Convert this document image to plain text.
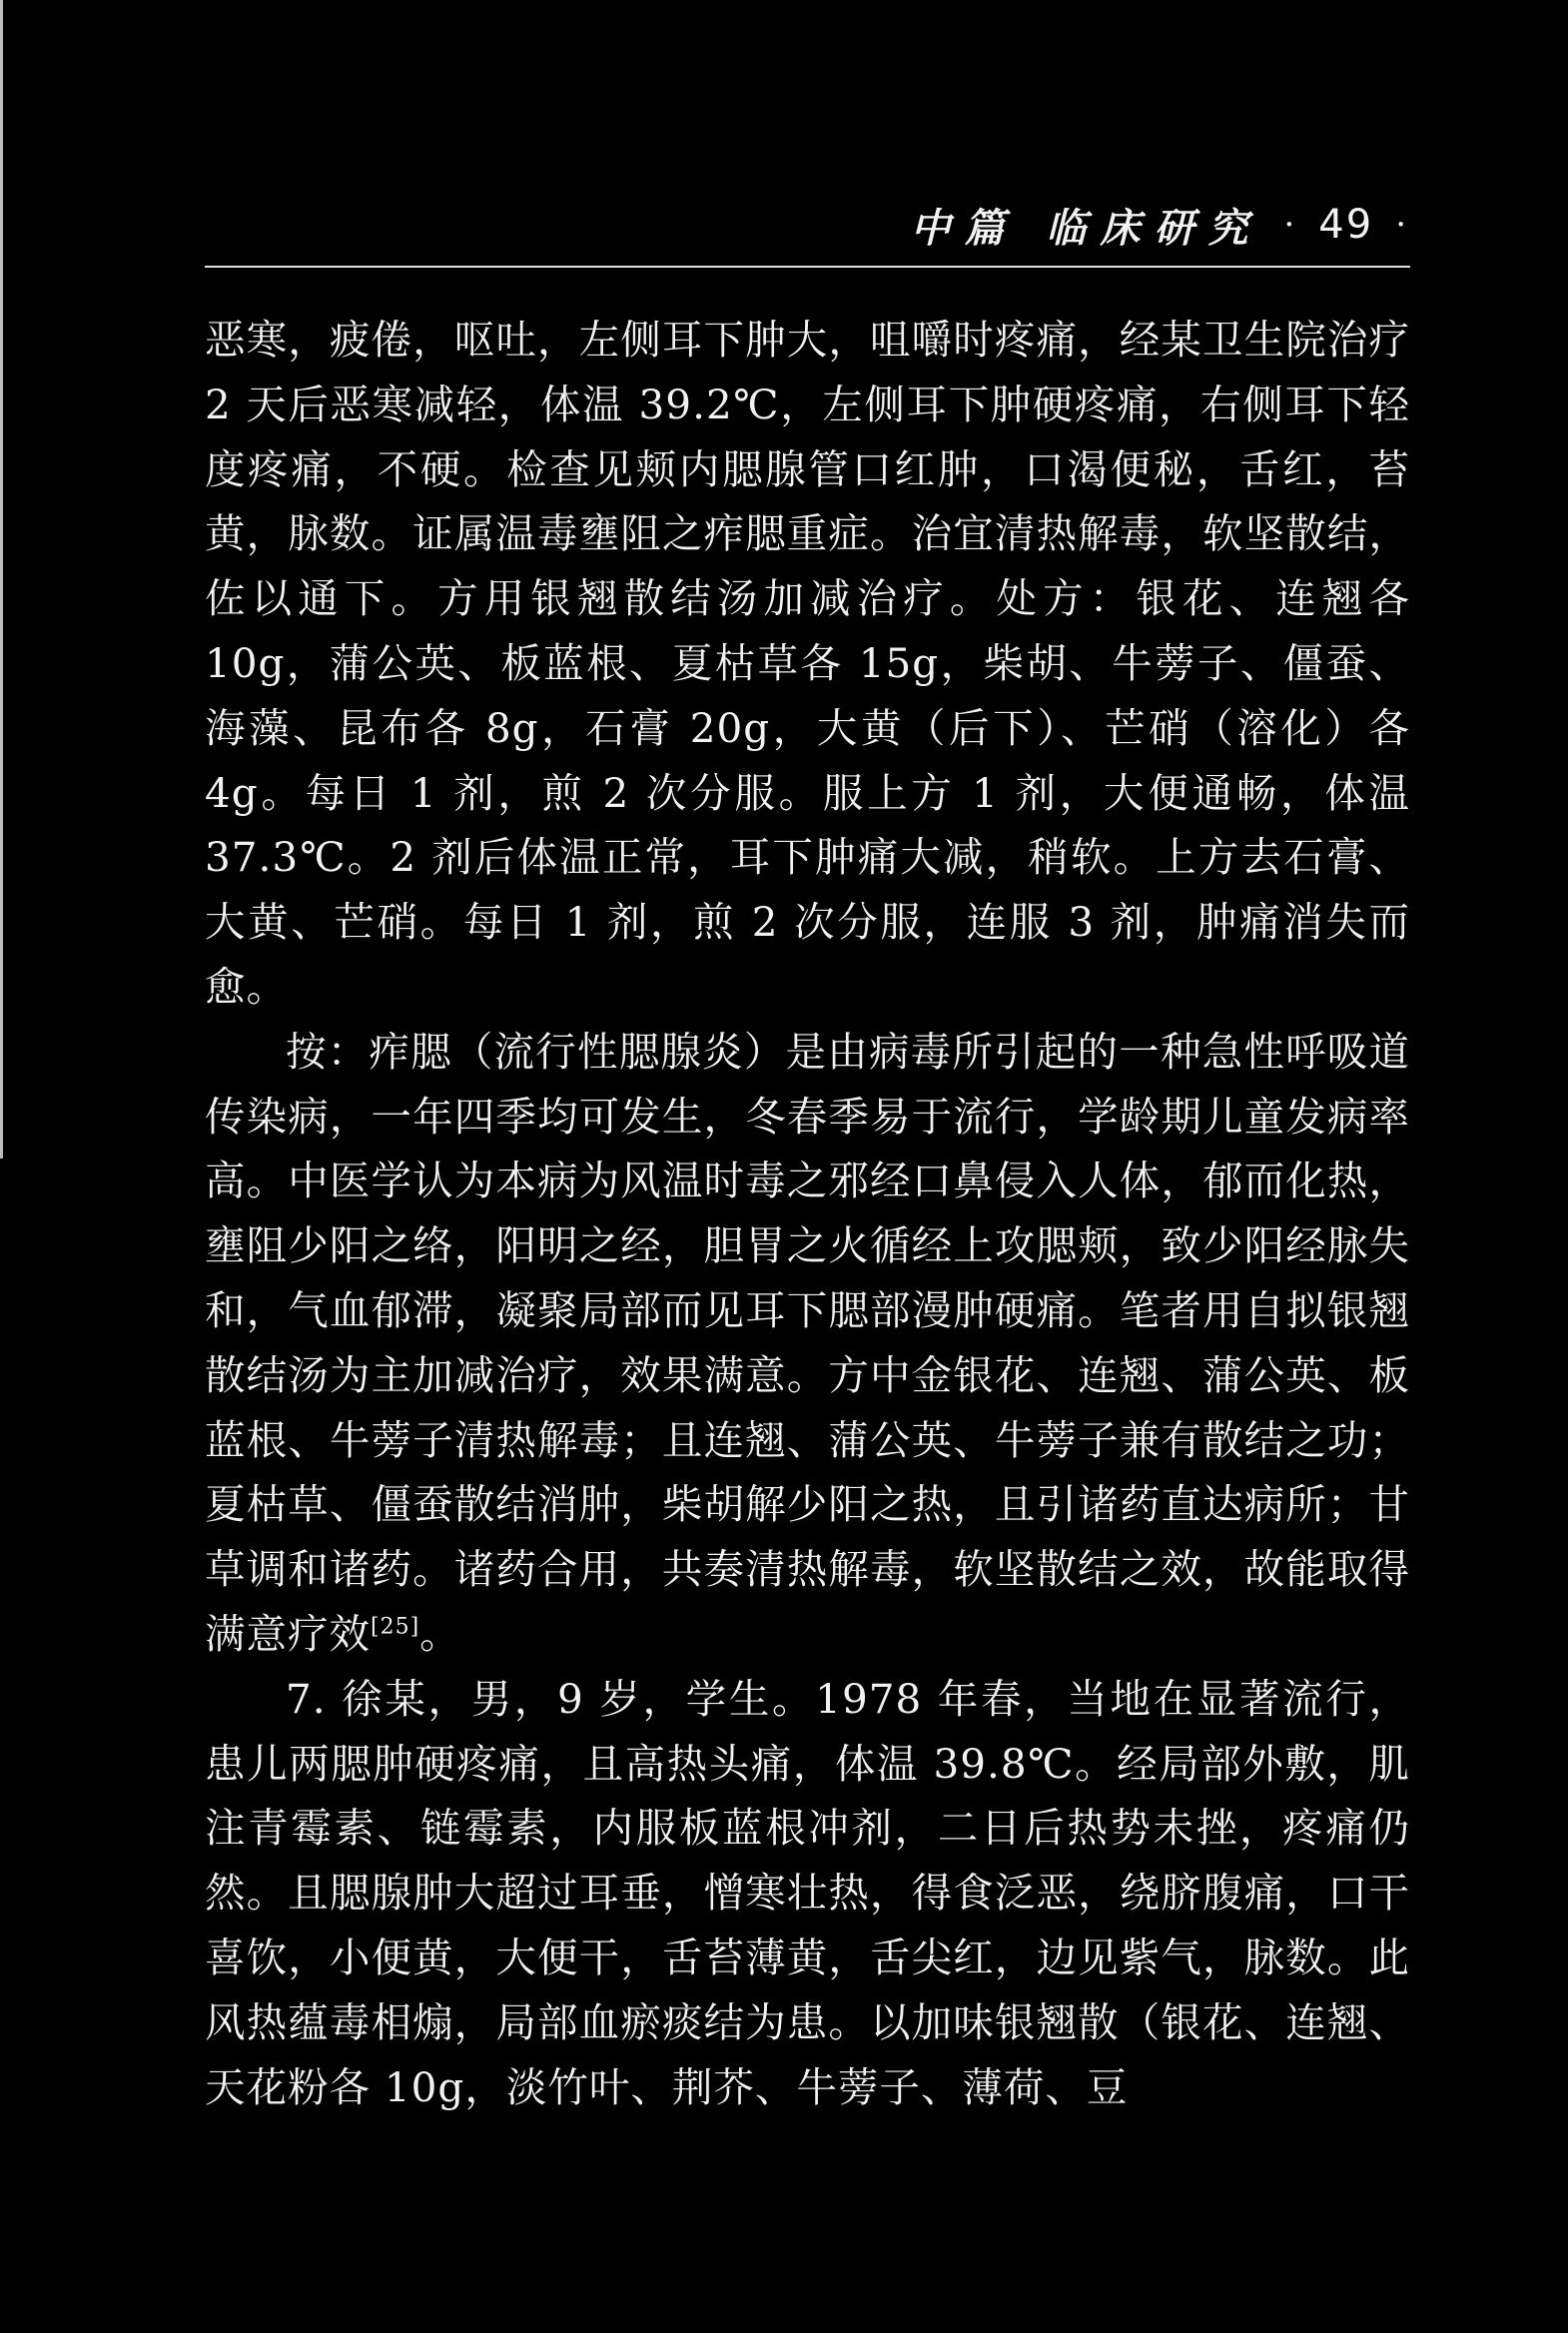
中篇 临床研究 · 49 ·

恶寒，疲倦，呕吐，左侧耳下肿大，咀嚼时疼痛，经某卫生院治疗 2 天后恶寒减轻，体温 39.2℃，左侧耳下肿硬疼痛，右侧耳下轻度疼痛，不硬。检查见颊内腮腺管口红肿，口渴便秘，舌红，苔黄，脉数。证属温毒壅阻之痄腮重症。治宜清热解毒，软坚散结，佐以通下。方用银翘散结汤加减治疗。处方：银花、连翘各 10g，蒲公英、板蓝根、夏枯草各 15g，柴胡、牛蒡子、僵蚕、海藻、昆布各 8g，石膏 20g，大黄（后下）、芒硝（溶化）各 4g。每日 1 剂，煎 2 次分服。服上方 1 剂，大便通畅，体温 37.3℃。2 剂后体温正常，耳下肿痛大减，稍软。上方去石膏、大黄、芒硝。每日 1 剂，煎 2 次分服，连服 3 剂，肿痛消失而愈。

按：痄腮（流行性腮腺炎）是由病毒所引起的一种急性呼吸道传染病，一年四季均可发生，冬春季易于流行，学龄期儿童发病率高。中医学认为本病为风温时毒之邪经口鼻侵入人体，郁而化热，壅阻少阳之络，阳明之经，胆胃之火循经上攻腮颊，致少阳经脉失和，气血郁滞，凝聚局部而见耳下腮部漫肿硬痛。笔者用自拟银翘散结汤为主加减治疗，效果满意。方中金银花、连翘、蒲公英、板蓝根、牛蒡子清热解毒；且连翘、蒲公英、牛蒡子兼有散结之功；夏枯草、僵蚕散结消肿，柴胡解少阳之热，且引诸药直达病所；甘草调和诸药。诸药合用，共奏清热解毒，软坚散结之效，故能取得满意疗效[25]。

7. 徐某，男，9 岁，学生。1978 年春，当地在显著流行，患儿两腮肿硬疼痛，且高热头痛，体温 39.8℃。经局部外敷，肌注青霉素、链霉素，内服板蓝根冲剂，二日后热势未挫，疼痛仍然。且腮腺肿大超过耳垂，憎寒壮热，得食泛恶，绕脐腹痛，口干喜饮，小便黄，大便干，舌苔薄黄，舌尖红，边见紫气，脉数。此风热蕴毒相煽，局部血瘀痰结为患。以加味银翘散（银花、连翘、天花粉各 10g，淡竹叶、荆芥、牛蒡子、薄荷、豆
